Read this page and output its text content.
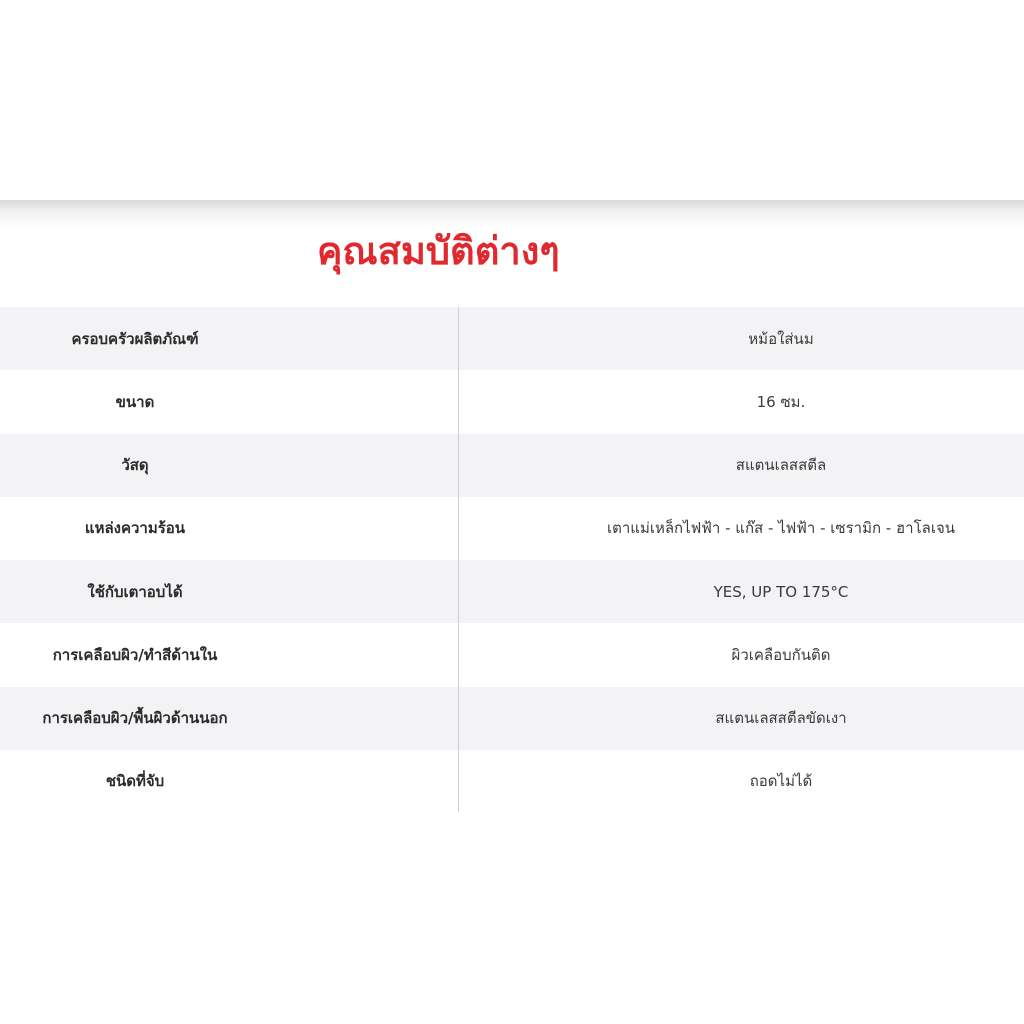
คุณสมบัติต่างๆ
ครอบครัวผลิตภัณฑ์	หม้อใส่นม
ขนาด	16 ซม.
วัสดุ	สแตนเลสสตีล
แหล่งความร้อน	เตาแม่เหล็กไฟฟ้า - แก๊ส - ไฟฟ้า - เซรามิก - ฮาโลเจน
ใช้กับเตาอบได้	YES, UP TO 175°C
การเคลือบผิว/ทำสีด้านใน	ผิวเคลือบกันติด
การเคลือบผิว/พื้นผิวด้านนอก	สแตนเลสสตีลขัดเงา
ชนิดที่จับ	ถอดไม่ได้
